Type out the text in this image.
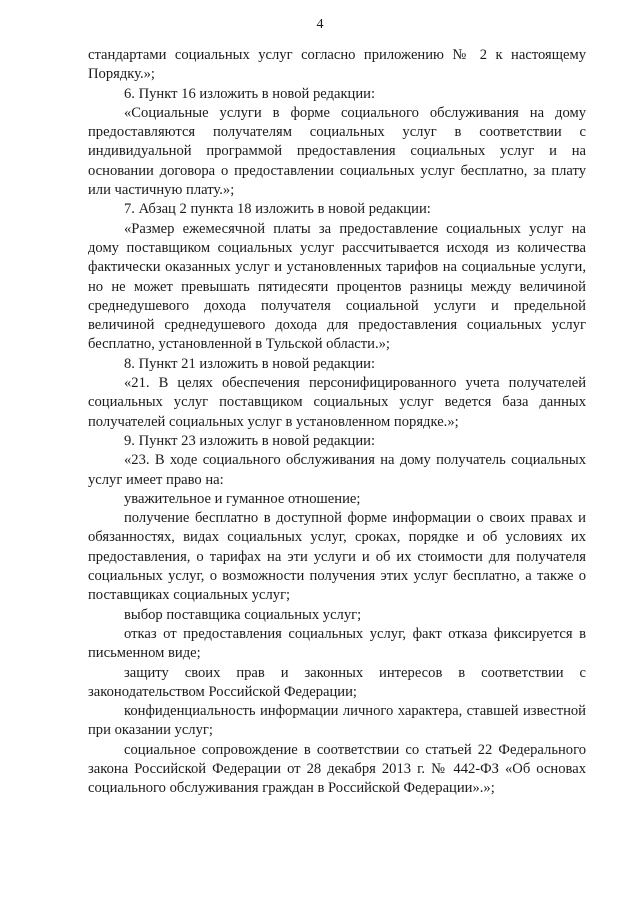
4

стандартами социальных услуг согласно приложению № 2 к настоящему Порядку.»;

6. Пункт 16 изложить в новой редакции:

«Социальные услуги в форме социального обслуживания на дому предоставляются получателям социальных услуг в соответствии с индивидуальной программой предоставления социальных услуг и на основании договора о предоставлении социальных услуг бесплатно, за плату или частичную плату.»;

7. Абзац 2 пункта 18 изложить в новой редакции:

«Размер ежемесячной платы за предоставление социальных услуг на дому поставщиком социальных услуг рассчитывается исходя из количества фактически оказанных услуг и установленных тарифов на социальные услуги, но не может превышать пятидесяти процентов разницы между величиной среднедушевого дохода получателя социальной услуги и предельной величиной среднедушевого дохода для предоставления социальных услуг бесплатно, установленной в Тульской области.»;

8. Пункт 21 изложить в новой редакции:

«21. В целях обеспечения персонифицированного учета получателей социальных услуг поставщиком социальных услуг ведется база данных получателей социальных услуг в установленном порядке.»;

9. Пункт 23 изложить в новой редакции:

«23. В ходе социального обслуживания на дому получатель социальных услуг имеет право на:

уважительное и гуманное отношение;

получение бесплатно в доступной форме информации о своих правах и обязанностях, видах социальных услуг, сроках, порядке и об условиях их предоставления, о тарифах на эти услуги и об их стоимости для получателя социальных услуг, о возможности получения этих услуг бесплатно, а также о поставщиках социальных услуг;

выбор поставщика социальных услуг;

отказ от предоставления социальных услуг, факт отказа фиксируется в письменном виде;

защиту своих прав и законных интересов в соответствии с законодательством Российской Федерации;

конфиденциальность информации личного характера, ставшей известной при оказании услуг;

социальное сопровождение в соответствии со статьей 22 Федерального закона Российской Федерации от 28 декабря 2013 г. № 442-ФЗ «Об основах социального обслуживания граждан в Российской Федерации».»;
